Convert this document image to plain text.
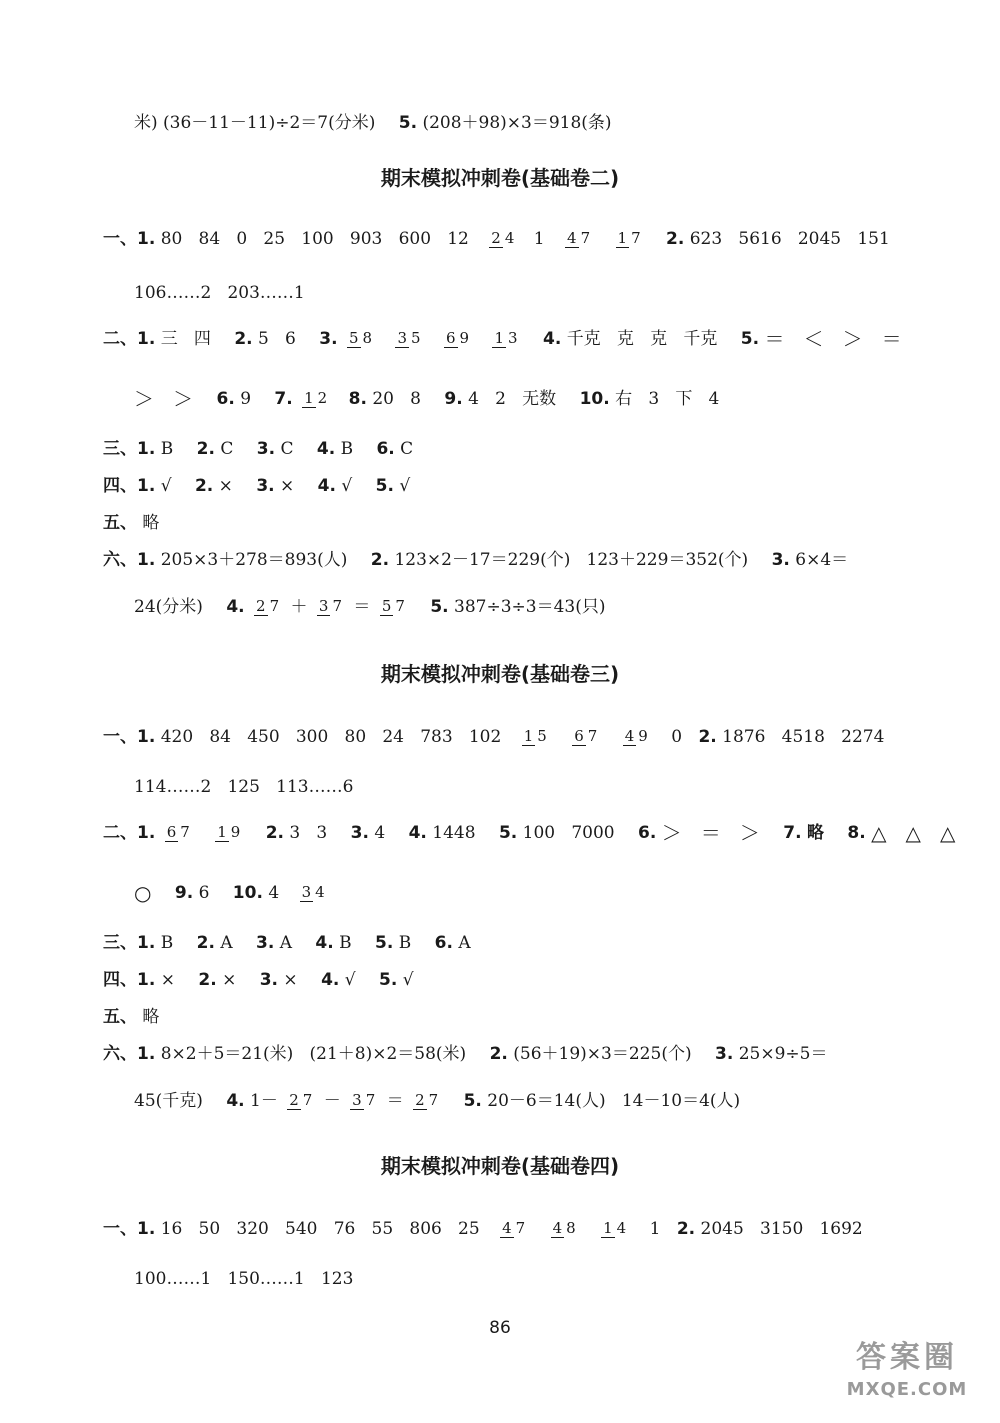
米) (36－11－11)÷2＝7(分米) 5. (208＋98)×3＝918(条)
期末模拟冲刺卷(基础卷二)
一、1. 80   84   0   25   100   903   600   12 2 4 1 4 7 1 7 2. 623   5616   2045   151
106……2   203……1
二、1. 三   四 2. 5   6 3. 5 8 3 5 6 9 1 3 4. 千克   克   克   千克 5. ＝   ＜   ＞   ＝
＞   ＞ 6. 9 7. 1 2 8. 20   8 9. 4   2   无数 10. 右   3   下   4
三、1. B 2. C 3. C 4. B 6. C
四、1. √ 2. × 3. × 4. √ 5. √
五、 略
六、1. 205×3＋278＝893(人) 2. 123×2－17＝229(个)   123＋229＝352(个) 3. 6×4＝
24(分米) 4. 2 7 ＋ 3 7 ＝ 5 7 5. 387÷3÷3＝43(只)
期末模拟冲刺卷(基础卷三)
一、1. 420   84   450   300   80   24   783   102 1 5 6 7 4 9 0 2. 1876   4518   2274
114……2   125   113……6
二、1. 6 7 1 9 2. 3   3 3. 4 4. 1448 5. 100   7000 6. ＞   ＝   ＞ 7. 略 8. △   △   △
○ 9. 6 10. 4 3 4
三、1. B 2. A 3. A 4. B 5. B 6. A
四、1. × 2. × 3. × 4. √ 5. √
五、 略
六、1. 8×2＋5＝21(米)   (21＋8)×2＝58(米) 2. (56＋19)×3＝225(个) 3. 25×9÷5＝
45(千克) 4. 1－ 2 7 － 3 7 ＝ 2 7 5. 20－6＝14(人)   14－10＝4(人)
期末模拟冲刺卷(基础卷四)
一、1. 16   50   320   540   76   55   806   25 4 7 4 8 1 4 1 2. 2045   3150   1692
100……1   150……1   123
86
答案圈
MXQE.COM
